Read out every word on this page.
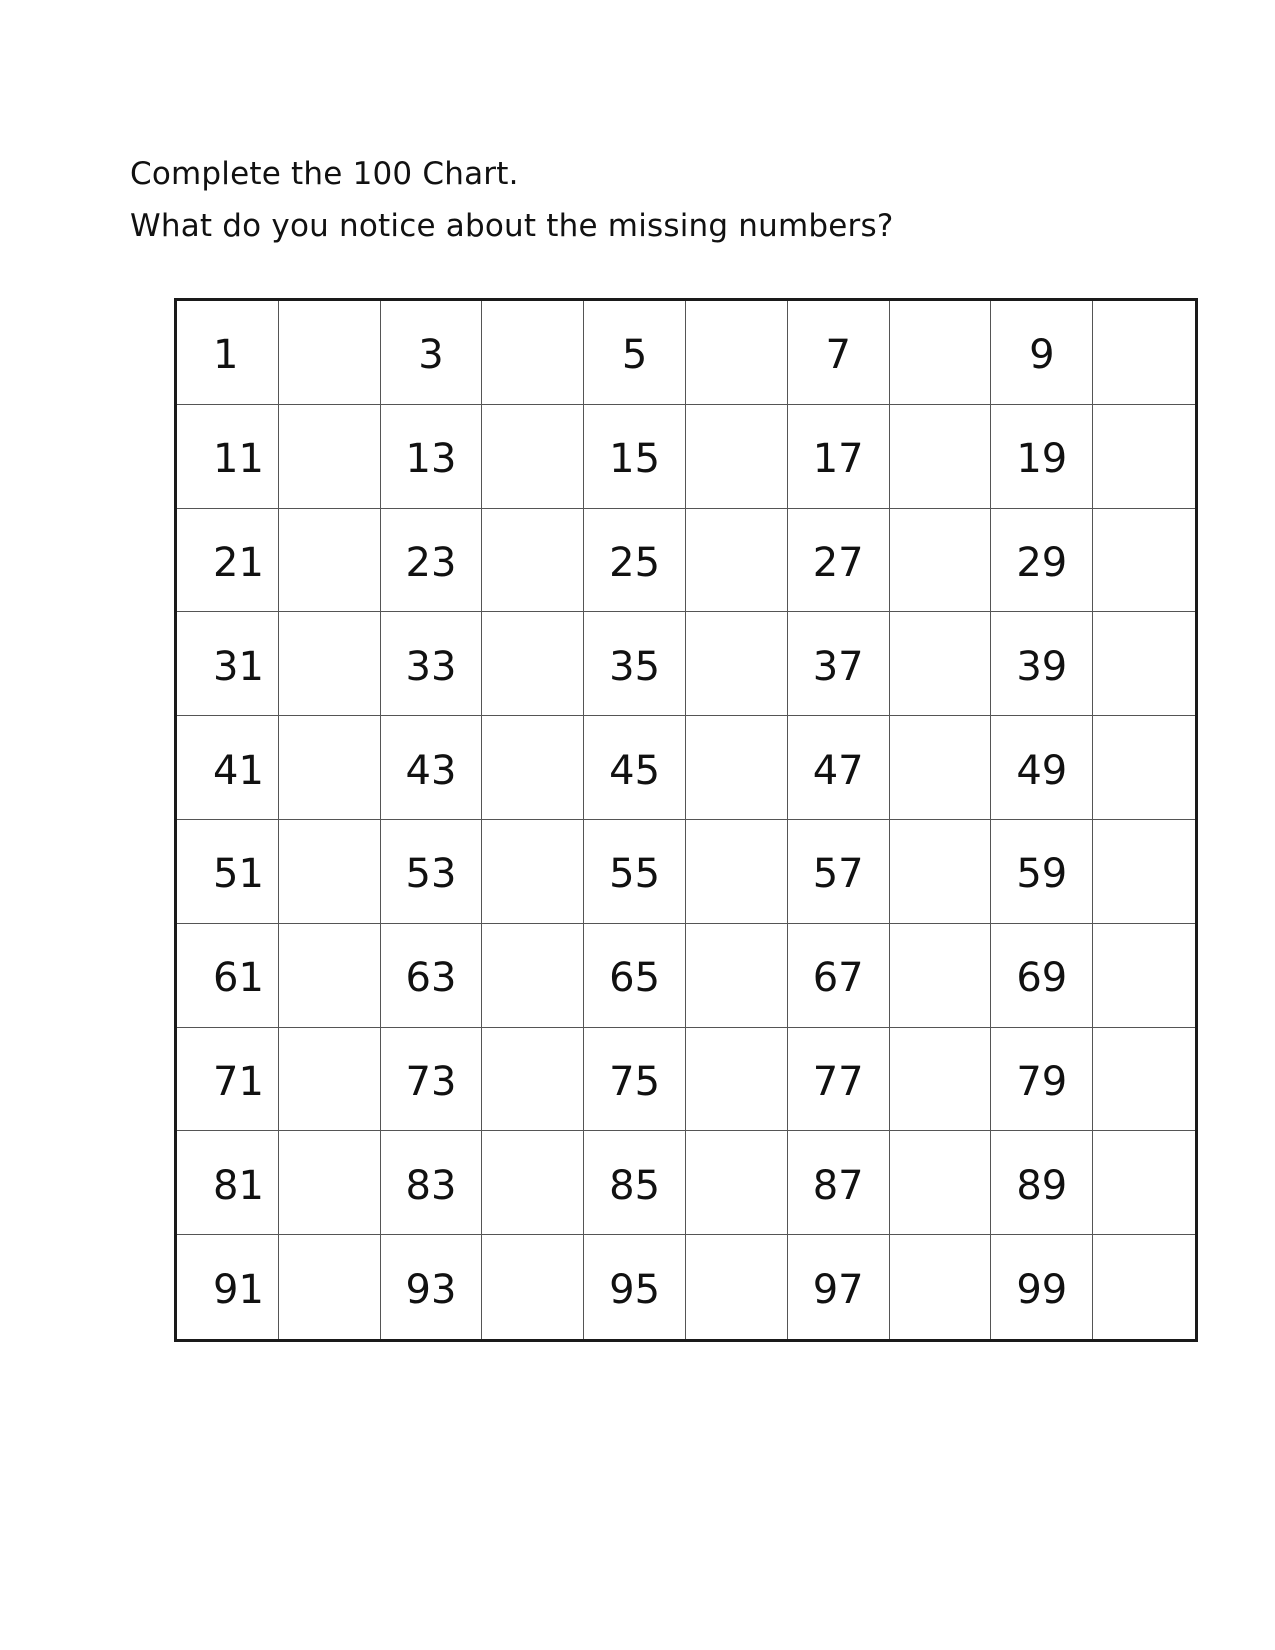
Complete the 100 Chart.
What do you notice about the missing numbers?
1	3	5	7	9
11	13	15	17	19
21	23	25	27	29
31	33	35	37	39
41	43	45	47	49
51	53	55	57	59
61	63	65	67	69
71	73	75	77	79
81	83	85	87	89
91	93	95	97	99
